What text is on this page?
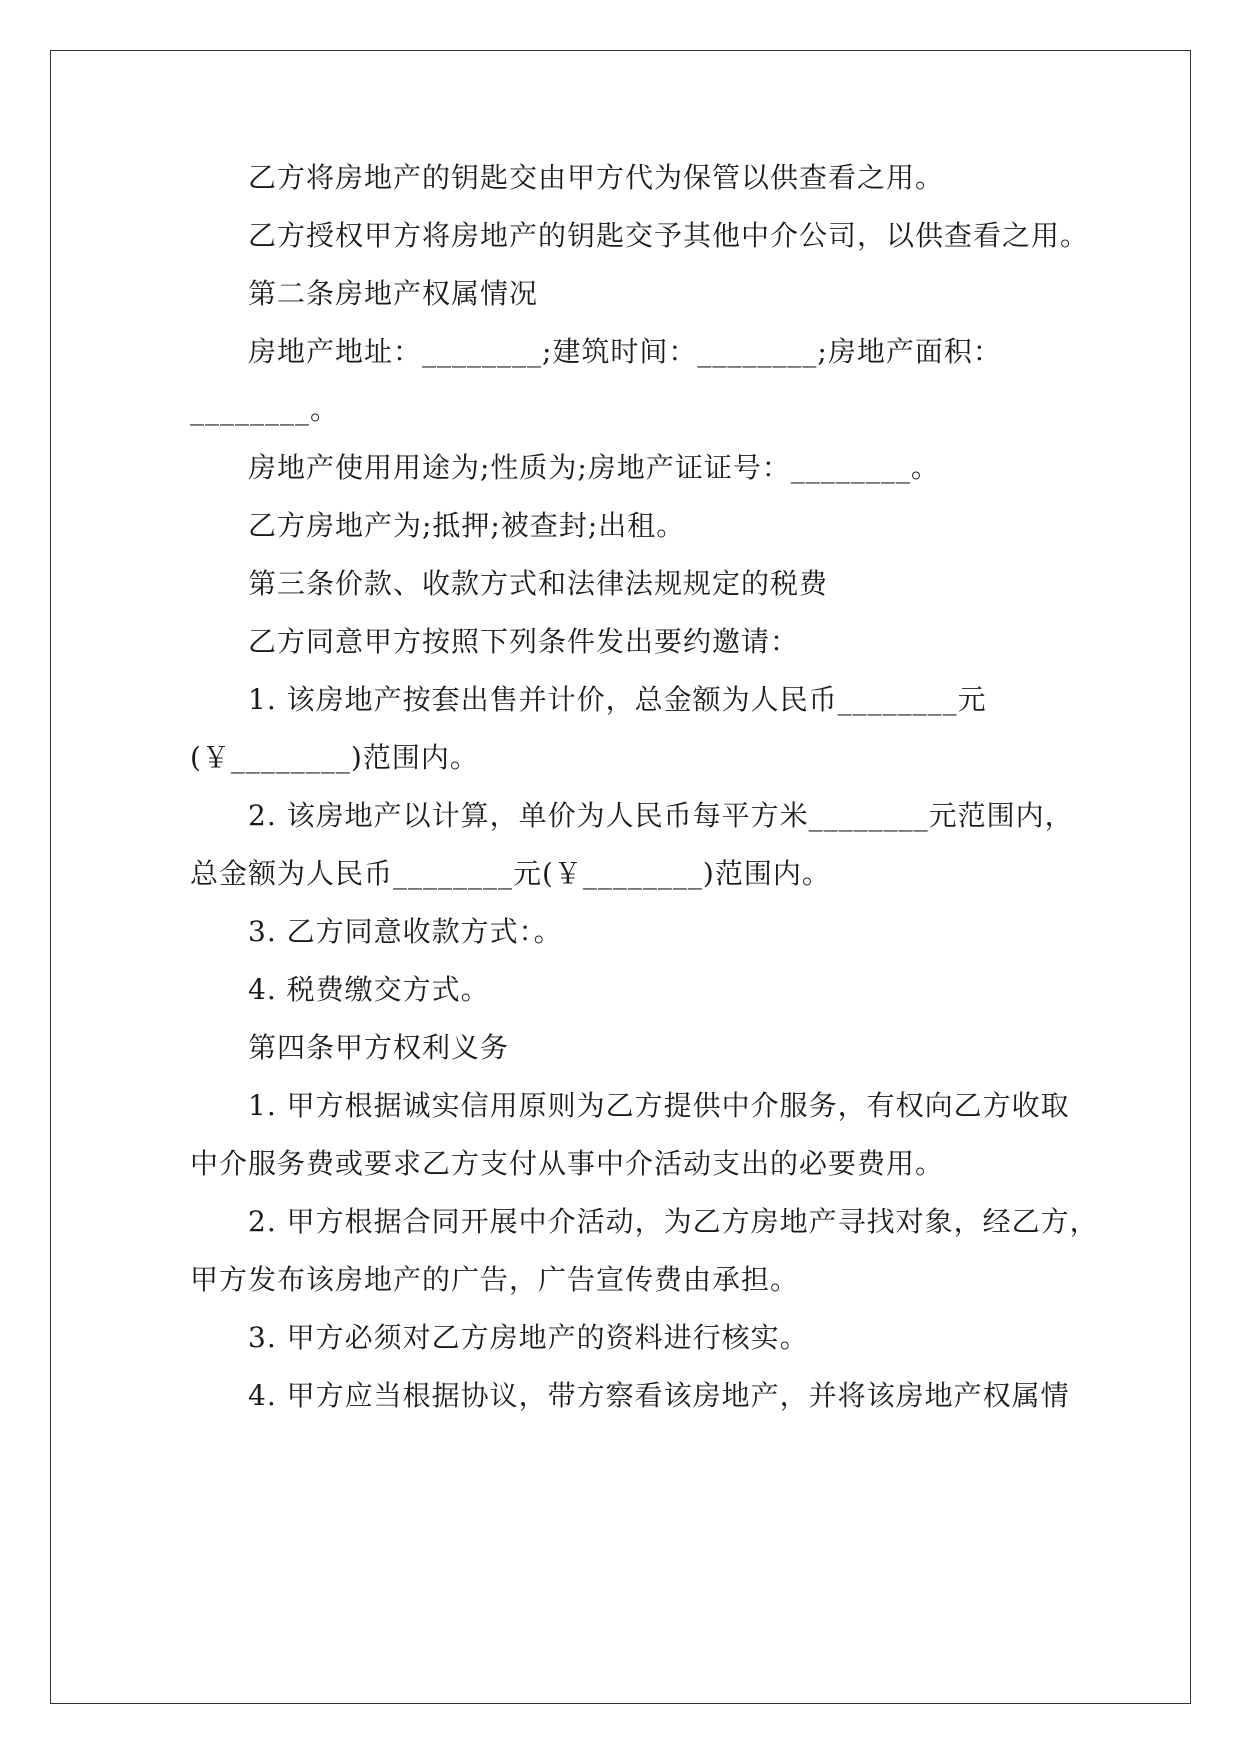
乙方将房地产的钥匙交由甲方代为保管以供查看之用。
乙方授权甲方将房地产的钥匙交予其他中介公司，以供查看之用。
第二条房地产权属情况
房地产地址：________;建筑时间：________;房地产面积：
________。
房地产使用用途为;性质为;房地产证证号：________。
乙方房地产为;抵押;被查封;出租。
第三条价款、收款方式和法律法规规定的税费
乙方同意甲方按照下列条件发出要约邀请：
1. 该房地产按套出售并计价，总金额为人民币________元
(￥________)范围内。
2. 该房地产以计算，单价为人民币每平方米________元范围内，
总金额为人民币________元(￥________)范围内。
3. 乙方同意收款方式：。
4. 税费缴交方式。
第四条甲方权利义务
1. 甲方根据诚实信用原则为乙方提供中介服务，有权向乙方收取
中介服务费或要求乙方支付从事中介活动支出的必要费用。
2. 甲方根据合同开展中介活动，为乙方房地产寻找对象，经乙方，
甲方发布该房地产的广告，广告宣传费由承担。
3. 甲方必须对乙方房地产的资料进行核实。
4. 甲方应当根据协议，带方察看该房地产，并将该房地产权属情
